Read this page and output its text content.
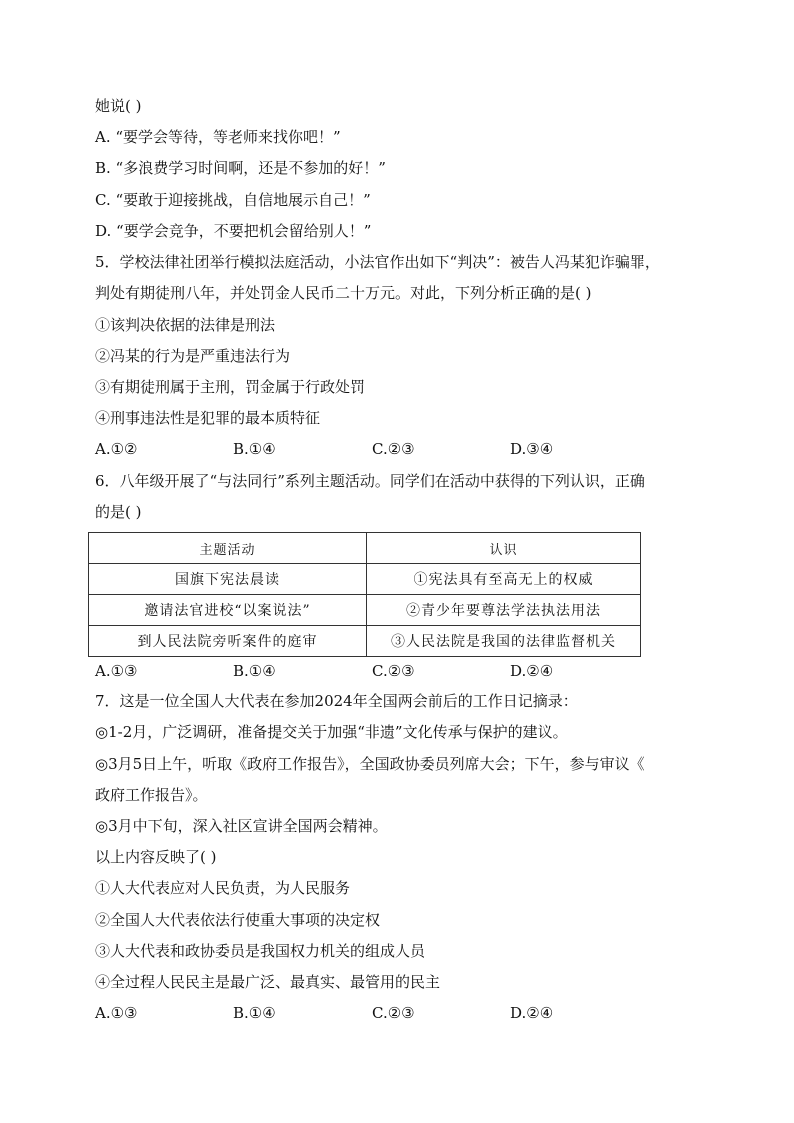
她说( )
A. “要学会等待，等老师来找你吧！”
B. “多浪费学习时间啊，还是不参加的好！”
C. “要敢于迎接挑战，自信地展示自己！”
D. “要学会竞争，不要把机会留给别人！”
5．学校法律社团举行模拟法庭活动，小法官作出如下“判决”：被告人冯某犯诈骗罪，
判处有期徒刑八年，并处罚金人民币二十万元。对此，下列分析正确的是( )
①该判决依据的法律是刑法
②冯某的行为是严重违法行为
③有期徒刑属于主刑，罚金属于行政处罚
④刑事违法性是犯罪的最本质特征
A.①②	B.①④	C.②③	D.③④
6．八年级开展了“与法同行”系列主题活动。同学们在活动中获得的下列认识，正确
的是( )
主题活动	认识
国旗下宪法晨读	①宪法具有至高无上的权威
邀请法官进校“以案说法”	②青少年要尊法学法执法用法
到人民法院旁听案件的庭审	③人民法院是我国的法律监督机关
A.①③	B.①④	C.②③	D.②④
7．这是一位全国人大代表在参加2024年全国两会前后的工作日记摘录：
◎1-2月，广泛调研，准备提交关于加强“非遗”文化传承与保护的建议。
◎3月5日上午，听取《政府工作报告》，全国政协委员列席大会；下午，参与审议《
政府工作报告》。
◎3月中下旬，深入社区宣讲全国两会精神。
以上内容反映了( )
①人大代表应对人民负责，为人民服务
②全国人大代表依法行使重大事项的决定权
③人大代表和政协委员是我国权力机关的组成人员
④全过程人民民主是最广泛、最真实、最管用的民主
A.①③	B.①④	C.②③	D.②④
